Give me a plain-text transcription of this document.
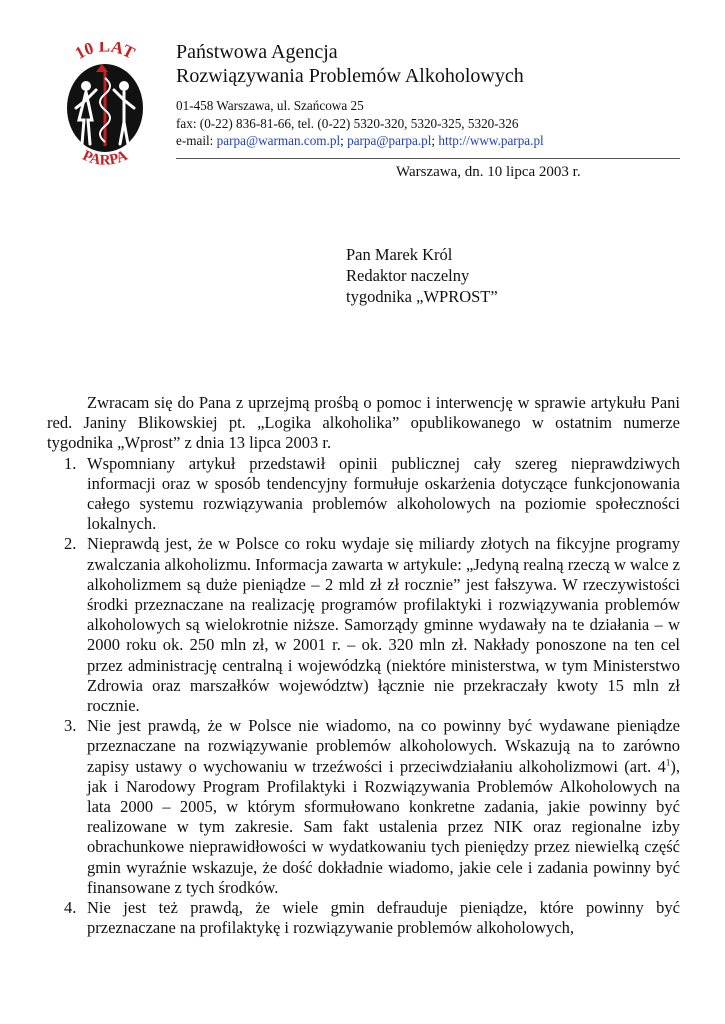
10 LAT
PARPA
Państwowa Agencja
Rozwiązywania Problemów Alkoholowych
01-458 Warszawa, ul. Szańcowa 25
fax: (0-22) 836-81-66, tel. (0-22) 5320-320, 5320-325, 5320-326
e-mail: parpa@warman.com.pl; parpa@parpa.pl; http://www.parpa.pl
Warszawa, dn. 10 lipca 2003 r.
Pan Marek Król
Redaktor naczelny
tygodnika „WPROST”

Zwracam się do Pana z uprzejmą prośbą o pomoc i interwencję w sprawie artykułu Pani red. Janiny Blikowskiej pt. „Logika alkoholika” opublikowanego w ostatnim numerze tygodnika „Wprost” z dnia 13 lipca 2003 r.

1. Wspomniany artykuł przedstawił opinii publicznej cały szereg nieprawdziwych informacji oraz w sposób tendencyjny formułuje oskarżenia dotyczące funkcjonowania całego systemu rozwiązywania problemów alkoholowych na poziomie społeczności lokalnych.
2. Nieprawdą jest, że w Polsce co roku wydaje się miliardy złotych na fikcyjne programy zwalczania alkoholizmu. Informacja zawarta w artykule: „Jedyną realną rzeczą w walce z alkoholizmem są duże pieniądze – 2 mld zł zł rocznie” jest fałszywa. W rzeczywistości środki przeznaczane na realizację programów profilaktyki i rozwiązywania problemów alkoholowych są wielokrotnie niższe. Samorządy gminne wydawały na te działania – w 2000 roku ok. 250 mln zł, w 2001 r. – ok. 320 mln zł. Nakłady ponoszone na ten cel przez administrację centralną i wojewódzką (niektóre ministerstwa, w tym Ministerstwo Zdrowia oraz marszałków województw) łącznie nie przekraczały kwoty 15 mln zł rocznie.
3. Nie jest prawdą, że w Polsce nie wiadomo, na co powinny być wydawane pieniądze przeznaczane na rozwiązywanie problemów alkoholowych. Wskazują na to zarówno zapisy ustawy o wychowaniu w trzeźwości i przeciwdziałaniu alkoholizmowi (art. $4^1$), jak i Narodowy Program Profilaktyki i Rozwiązywania Problemów Alkoholowych na lata 2000 – 2005, w którym sformułowano konkretne zadania, jakie powinny być realizowane w tym zakresie. Sam fakt ustalenia przez NIK oraz regionalne izby obrachunkowe nieprawidłowości w wydatkowaniu tych pieniędzy przez niewielką część gmin wyraźnie wskazuje, że dość dokładnie wiadomo, jakie cele i zadania powinny być finansowane z tych środków.
4. Nie jest też prawdą, że wiele gmin defrauduje pieniądze, które powinny być przeznaczane na profilaktykę i rozwiązywanie problemów alkoholowych,
